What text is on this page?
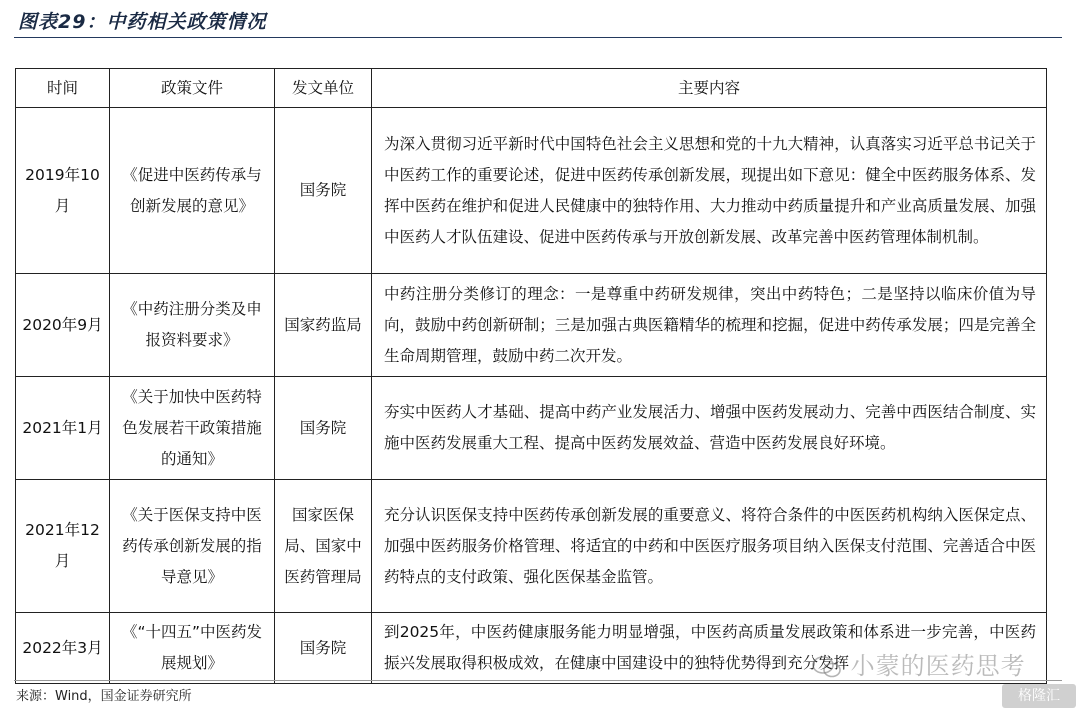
图表29：中药相关政策情况
时间	政策文件	发文单位	主要内容
2019年10月	《促进中医药传承与创新发展的意见》	国务院	为深入贯彻习近平新时代中国特色社会主义思想和党的十九大精神，认真落实习近平总书记关于中医药工作的重要论述，促进中医药传承创新发展，现提出如下意见：健全中医药服务体系、发挥中医药在维护和促进人民健康中的独特作用、大力推动中药质量提升和产业高质量发展、加强中医药人才队伍建设、促进中医药传承与开放创新发展、改革完善中医药管理体制机制。
2020年9月	《中药注册分类及申报资料要求》	国家药监局	中药注册分类修订的理念：一是尊重中药研发规律，突出中药特色；二是坚持以临床价值为导向，鼓励中药创新研制；三是加强古典医籍精华的梳理和挖掘，促进中药传承发展；四是完善全生命周期管理，鼓励中药二次开发。
2021年1月	《关于加快中医药特色发展若干政策措施的通知》	国务院	夯实中医药人才基础、提高中药产业发展活力、增强中医药发展动力、完善中西医结合制度、实施中医药发展重大工程、提高中医药发展效益、营造中医药发展良好环境。
2021年12月	《关于医保支持中医药传承创新发展的指导意见》	国家医保局、国家中医药管理局	充分认识医保支持中医药传承创新发展的重要意义、将符合条件的中医医药机构纳入医保定点、加强中医药服务价格管理、将适宜的中药和中医医疗服务项目纳入医保支付范围、完善适合中医药特点的支付政策、强化医保基金监管。
2022年3月	《“十四五”中医药发展规划》	国务院	到2025年，中医药健康服务能力明显增强，中医药高质量发展政策和体系进一步完善，中医药振兴发展取得积极成效，在健康中国建设中的独特优势得到充分发挥
来源：Wind，国金证券研究所
小蒙的医药思考
格隆汇
